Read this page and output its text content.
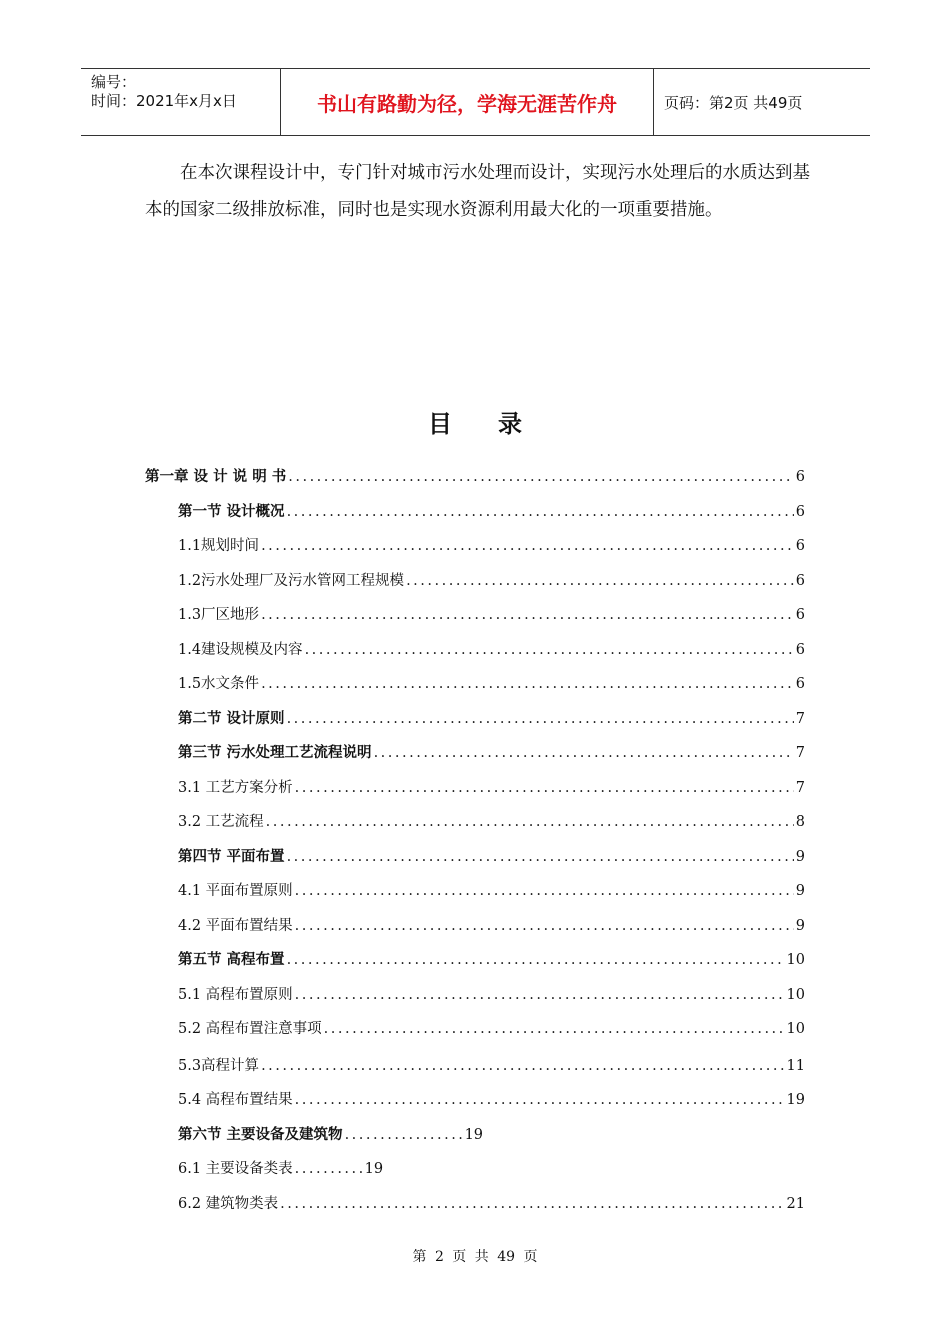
编号：
时间：2021年x月x日	书山有路勤为径，学海无涯苦作舟	页码：第2页 共49页

在本次课程设计中，专门针对城市污水处理而设计，实现污水处理后的水质达到基本的国家二级排放标准，同时也是实现水资源利用最大化的一项重要措施。

目录
第一章 设 计 说 明 书 .....	6
第一节 设计概况 .....	6
1.1规划时间 .....	6
1.2污水处理厂及污水管网工程规模 .....	6
1.3厂区地形 .....	6
1.4建设规模及内容 .....	6
1.5水文条件 .....	6
第二节 设计原则 .....	7
第三节 污水处理工艺流程说明 .....	7
3.1 工艺方案分析 .....	7
3.2 工艺流程 .....	8
第四节 平面布置 .....	9
4.1 平面布置原则 .....	9
4.2 平面布置结果 .....	9
第五节 高程布置 .....	10
5.1 高程布置原则 .....	10
5.2 高程布置注意事项 .....	10
5.3高程计算 .....	11
5.4 高程布置结果 .....	19
第六节 主要设备及建筑物 .....	19
6.1 主要设备类表 .....	19
6.2 建筑物类表 .....	21
第 2 页 共 49 页
